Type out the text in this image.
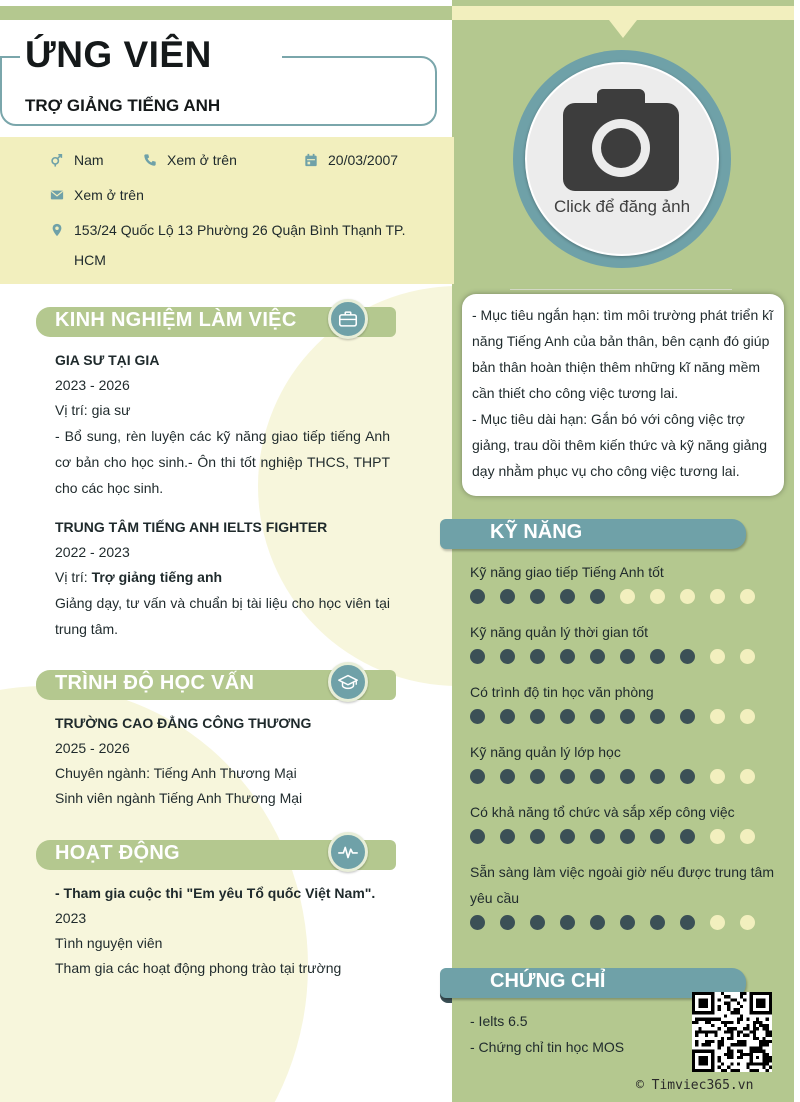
ỨNG VIÊN
TRỢ GIẢNG TIẾNG ANH
Nam	Xem ở trên	20/03/2007
Xem ở trên
153/24 Quốc Lộ 13 Phường 26 Quận Bình Thạnh TP.
HCM
KINH NGHIỆM LÀM VIỆC
GIA SƯ TẠI GIA
2023 - 2026
Vị trí: gia sư
- Bổ sung, rèn luyện các kỹ năng giao tiếp tiếng Anh cơ bản cho học sinh.- Ôn thi tốt nghiệp THCS, THPT cho các học sinh.
TRUNG TÂM TIẾNG ANH IELTS FIGHTER
2022 - 2023
Vị trí: Trợ giảng tiếng anh
Giảng dạy, tư vấn và chuẩn bị tài liệu cho học viên tại trung tâm.
TRÌNH ĐỘ HỌC VẤN
TRƯỜNG CAO ĐẲNG CÔNG THƯƠNG
2025 - 2026
Chuyên ngành: Tiếng Anh Thương Mại
Sinh viên ngành Tiếng Anh Thương Mại
HOẠT ĐỘNG
- Tham gia cuộc thi "Em yêu Tổ quốc Việt Nam".
2023
Tình nguyện viên
Tham gia các hoạt động phong trào tại trường
Click để đăng ảnh
- Mục tiêu ngắn hạn: tìm môi trường phát triển kĩ năng Tiếng Anh của bản thân, bên cạnh đó giúp bản thân hoàn thiện thêm những kĩ năng mềm cần thiết cho công việc tương lai.
- Mục tiêu dài hạn: Gắn bó với công việc trợ giảng, trau dồi thêm kiến thức và kỹ năng giảng dạy nhằm phục vụ cho công việc tương lai.
KỸ NĂNG
Kỹ năng giao tiếp Tiếng Anh tốt
Kỹ năng quản lý thời gian tốt
Có trình độ tin học văn phòng
Kỹ năng quản lý lớp học
Có khả năng tổ chức và sắp xếp công việc
Sẵn sàng làm việc ngoài giờ nếu được trung tâm yêu cầu
CHỨNG CHỈ
- Ielts 6.5
- Chứng chỉ tin học MOS
© Timviec365.vn
